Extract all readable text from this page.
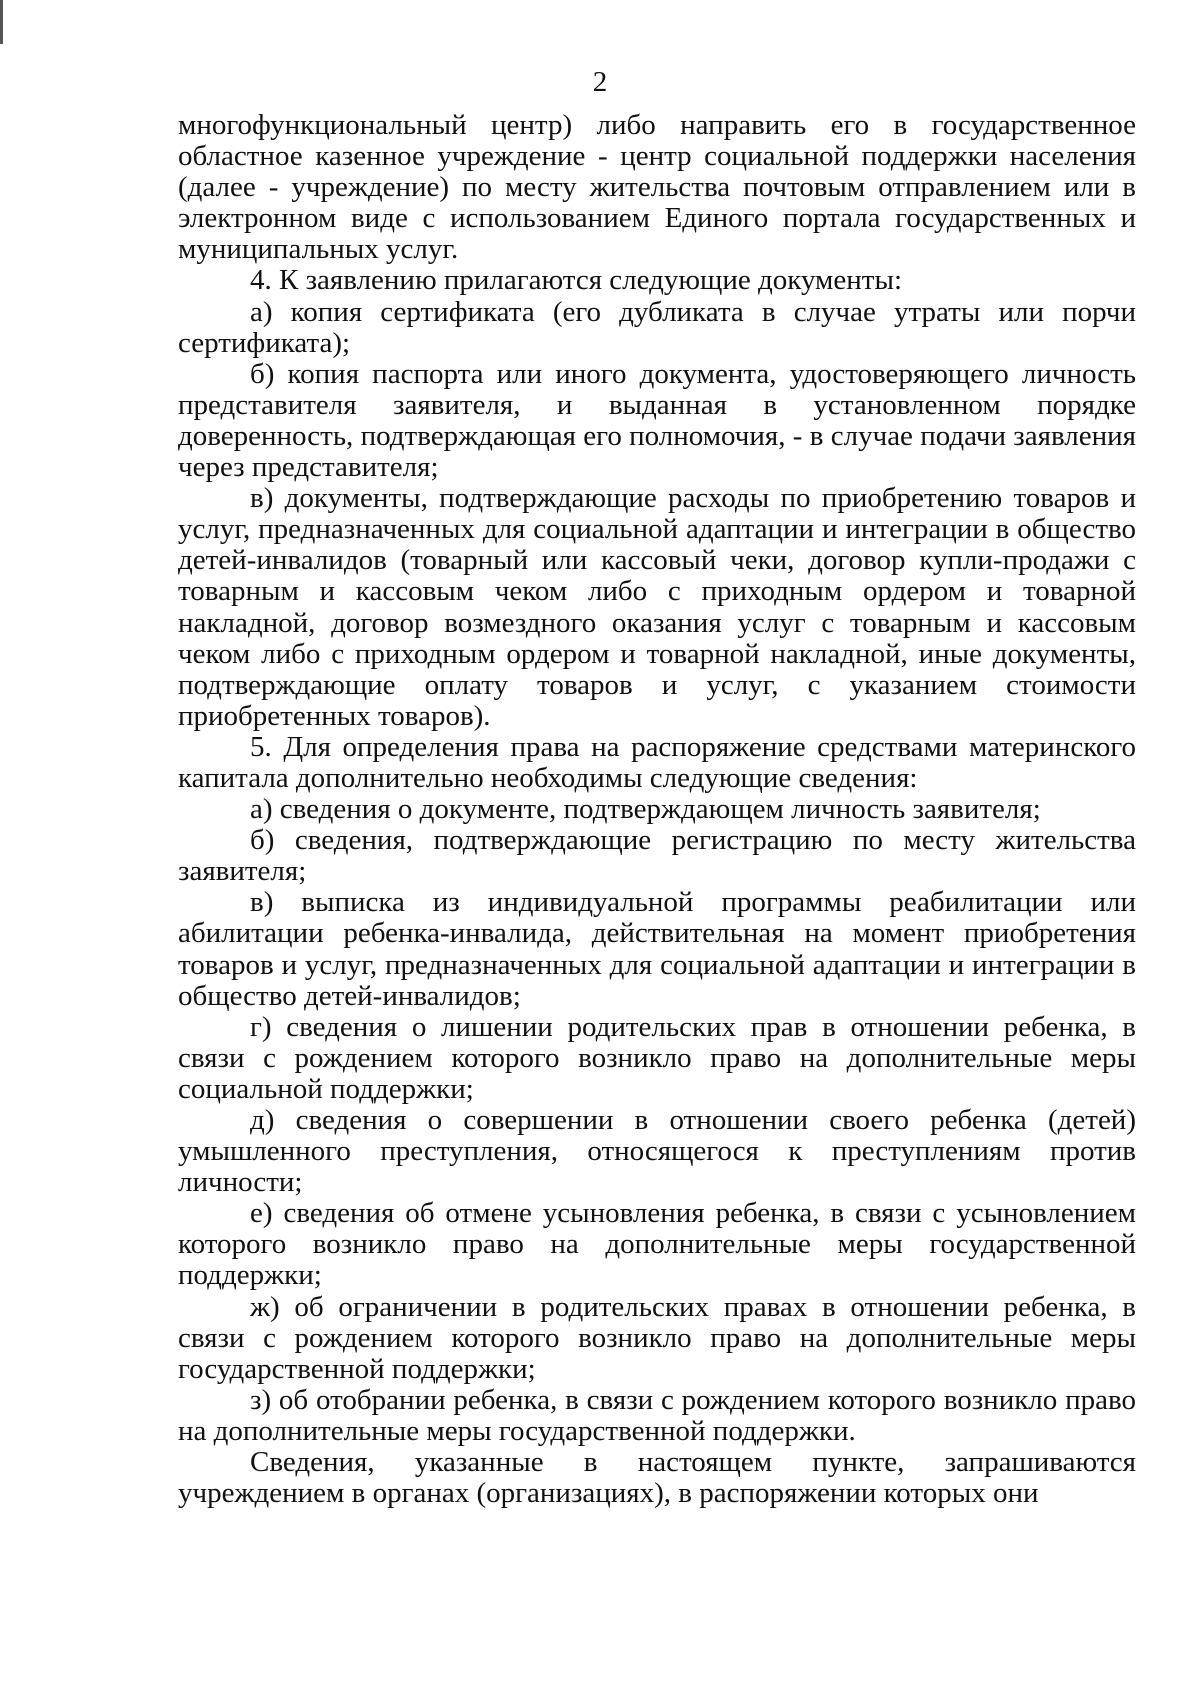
2

многофункциональный центр) либо направить его в государственное областное казенное учреждение - центр социальной поддержки населения (далее - учреждение) по месту жительства почтовым отправлением или в электронном виде с использованием Единого портала государственных и муниципальных услуг.

4. К заявлению прилагаются следующие документы:

а) копия сертификата (его дубликата в случае утраты или порчи сертификата);

б) копия паспорта или иного документа, удостоверяющего личность представителя заявителя, и выданная в установленном порядке доверенность, подтверждающая его полномочия, - в случае подачи заявления через представителя;

в) документы, подтверждающие расходы по приобретению товаров и услуг, предназначенных для социальной адаптации и интеграции в общество детей-инвалидов (товарный или кассовый чеки, договор купли-продажи с товарным и кассовым чеком либо с приходным ордером и товарной накладной, договор возмездного оказания услуг с товарным и кассовым чеком либо с приходным ордером и товарной накладной, иные документы, подтверждающие оплату товаров и услуг, с указанием стоимости приобретенных товаров).

5. Для определения права на распоряжение средствами материнского капитала дополнительно необходимы следующие сведения:

а) сведения о документе, подтверждающем личность заявителя;

б) сведения, подтверждающие регистрацию по месту жительства заявителя;

в) выписка из индивидуальной программы реабилитации или абилитации ребенка-инвалида, действительная на момент приобретения товаров и услуг, предназначенных для социальной адаптации и интеграции в общество детей-инвалидов;

г) сведения о лишении родительских прав в отношении ребенка, в связи с рождением которого возникло право на дополнительные меры социальной поддержки;

д) сведения о совершении в отношении своего ребенка (детей) умышленного преступления, относящегося к преступлениям против личности;

е) сведения об отмене усыновления ребенка, в связи с усыновлением которого возникло право на дополнительные меры государственной поддержки;

ж) об ограничении в родительских правах в отношении ребенка, в связи с рождением которого возникло право на дополнительные меры государственной поддержки;

з) об отобрании ребенка, в связи с рождением которого возникло право на дополнительные меры государственной поддержки.

Сведения, указанные в настоящем пункте, запрашиваются учреждением в органах (организациях), в распоряжении которых они
